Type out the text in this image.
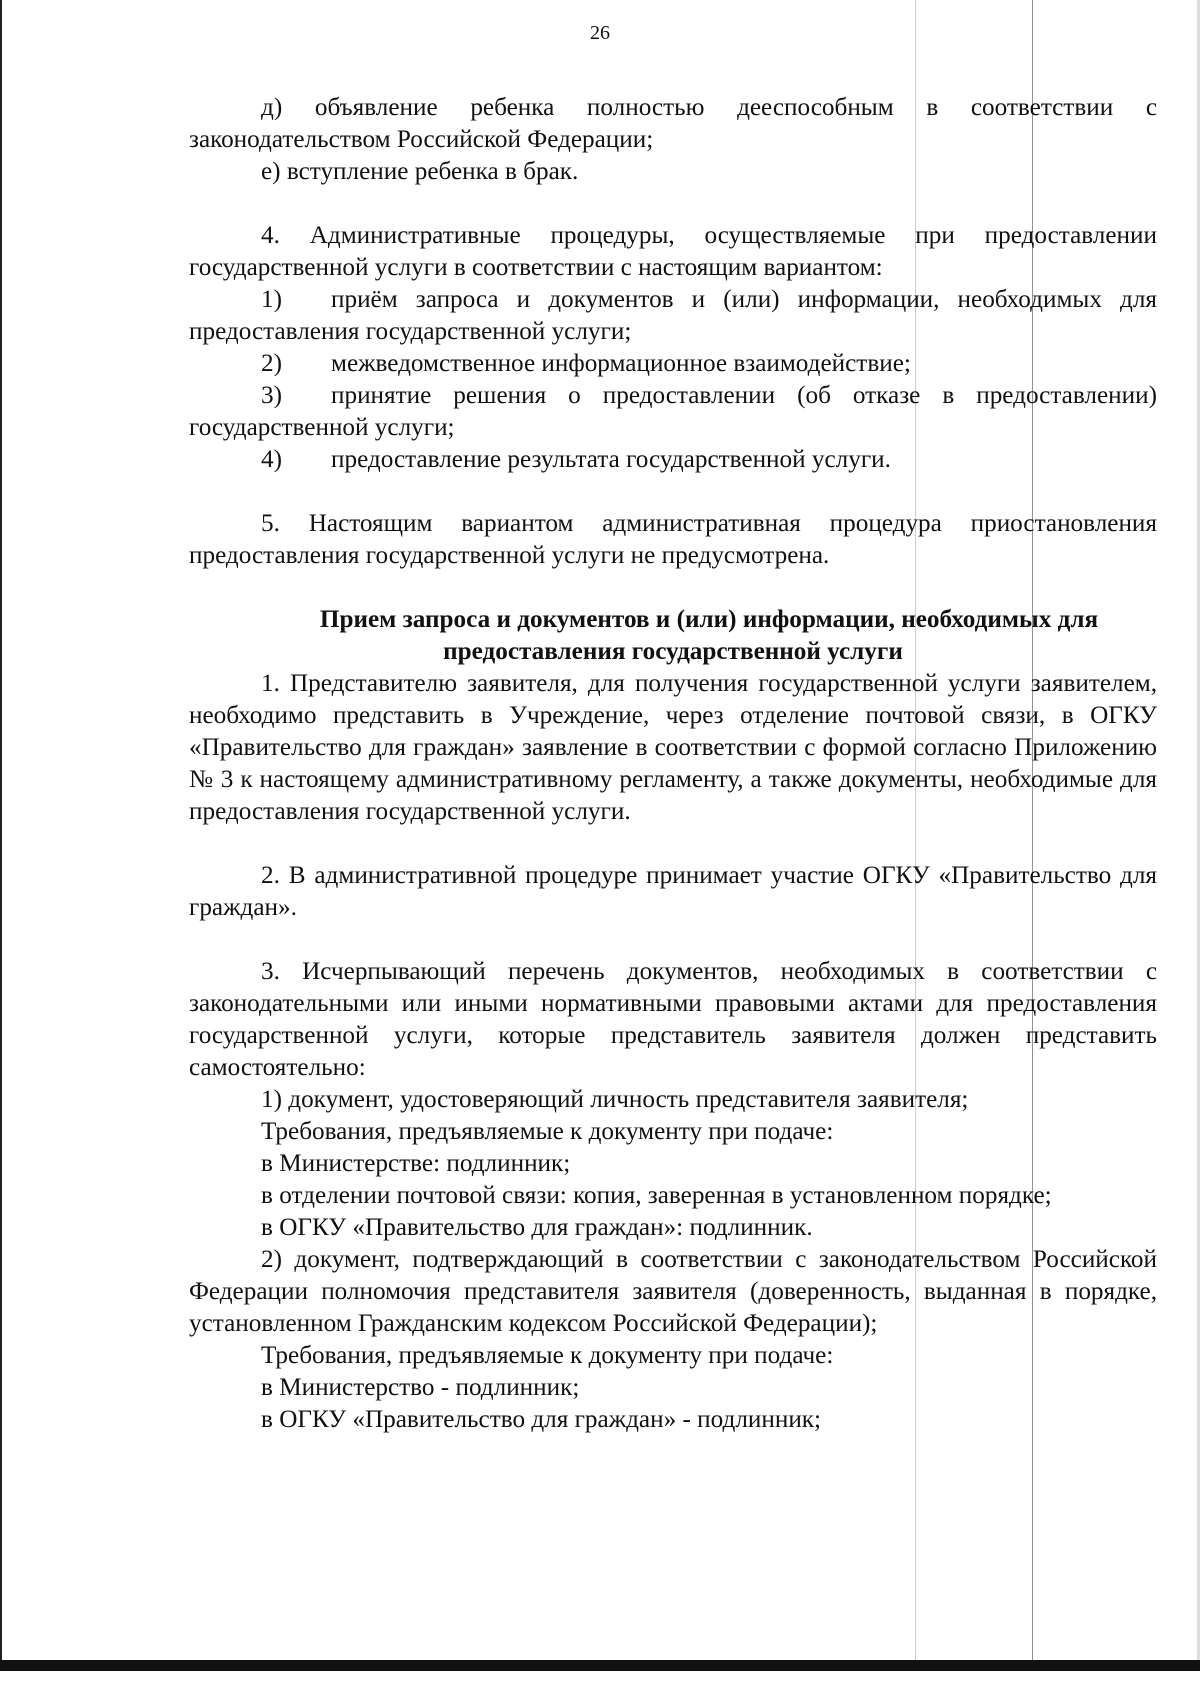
26

д) объявление ребенка полностью дееспособным в соответствии с законодательством Российской Федерации;

е) вступление ребенка в брак.

4. Административные процедуры, осуществляемые при предоставлении государственной услуги в соответствии с настоящим вариантом:

1) приём запроса и документов и (или) информации, необходимых для предоставления государственной услуги;

2) межведомственное информационное взаимодействие;

3) принятие решения о предоставлении (об отказе в предоставлении) государственной услуги;

4) предоставление результата государственной услуги.

5. Настоящим вариантом административная процедура приостановления предоставления государственной услуги не предусмотрена.

Прием запроса и документов и (или) информации, необходимых для
предоставления государственной услуги

1. Представителю заявителя, для получения государственной услуги заявителем, необходимо представить в Учреждение, через отделение почтовой связи, в ОГКУ «Правительство для граждан» заявление в соответствии с формой согласно Приложению № 3 к настоящему административному регламенту, а также документы, необходимые для предоставления государственной услуги.

2. В административной процедуре принимает участие ОГКУ «Правительство для граждан».

3. Исчерпывающий перечень документов, необходимых в соответствии с законодательными или иными нормативными правовыми актами для предоставления государственной услуги, которые представитель заявителя должен представить самостоятельно:

1) документ, удостоверяющий личность представителя заявителя;

Требования, предъявляемые к документу при подаче:

в Министерстве: подлинник;

в отделении почтовой связи: копия, заверенная в установленном порядке;

в ОГКУ «Правительство для граждан»: подлинник.

2) документ, подтверждающий в соответствии с законодательством Российской Федерации полномочия представителя заявителя (доверенность, выданная в порядке, установленном Гражданским кодексом Российской Федерации);

Требования, предъявляемые к документу при подаче:

в Министерство - подлинник;

в ОГКУ «Правительство для граждан» - подлинник;
